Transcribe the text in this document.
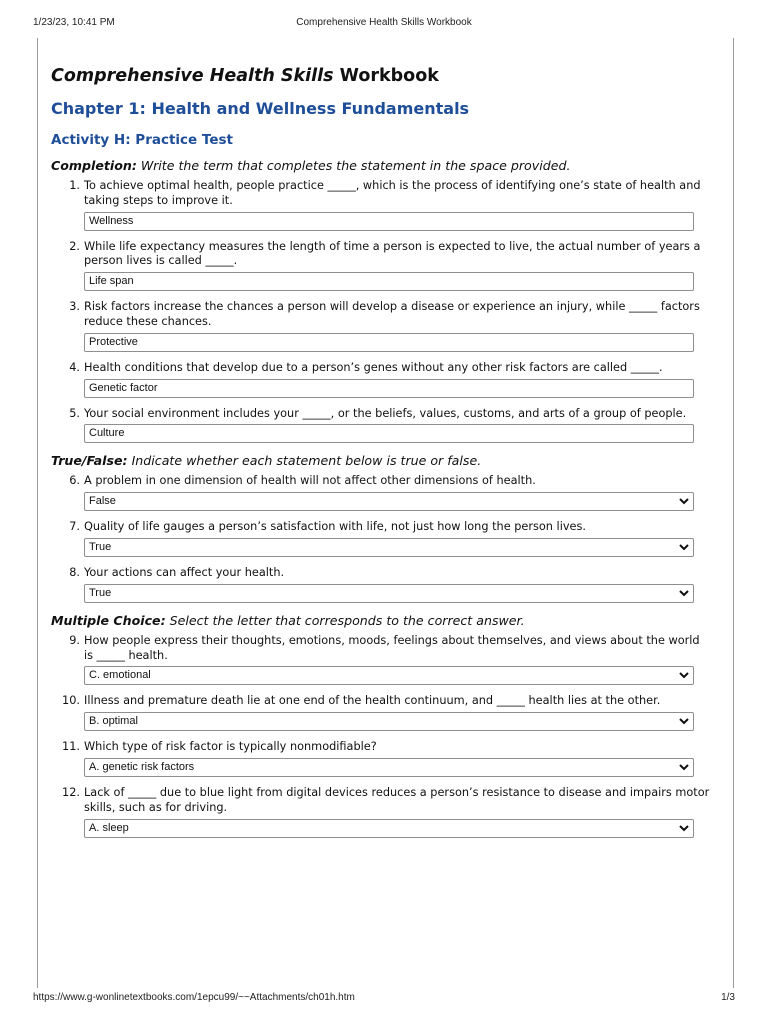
1/23/23, 10:41 PM	Comprehensive Health Skills Workbook
Comprehensive Health Skills Workbook
Chapter 1: Health and Wellness Fundamentals
Activity H: Practice Test
Completion: Write the term that completes the statement in the space provided.
1. To achieve optimal health, people practice _____, which is the process of identifying one’s state of health and taking steps to improve it.
Wellness
2. While life expectancy measures the length of time a person is expected to live, the actual number of years a person lives is called _____.
Life span
3. Risk factors increase the chances a person will develop a disease or experience an injury, while _____ factors reduce these chances.
Protective
4. Health conditions that develop due to a person’s genes without any other risk factors are called _____.
Genetic factor
5. Your social environment includes your _____, or the beliefs, values, customs, and arts of a group of people.
Culture
True/False: Indicate whether each statement below is true or false.
6. A problem in one dimension of health will not affect other dimensions of health.
False
7. Quality of life gauges a person’s satisfaction with life, not just how long the person lives.
True
8. Your actions can affect your health.
True
Multiple Choice: Select the letter that corresponds to the correct answer.
9. How people express their thoughts, emotions, moods, feelings about themselves, and views about the world is _____ health.
C. emotional
10. Illness and premature death lie at one end of the health continuum, and _____ health lies at the other.
B. optimal
11. Which type of risk factor is typically nonmodifiable?
A. genetic risk factors
12. Lack of _____ due to blue light from digital devices reduces a person’s resistance to disease and impairs motor skills, such as for driving.
A. sleep
https://www.g-wonlinetextbooks.com/1epcu99/~~Attachments/ch01h.htm	1/3
